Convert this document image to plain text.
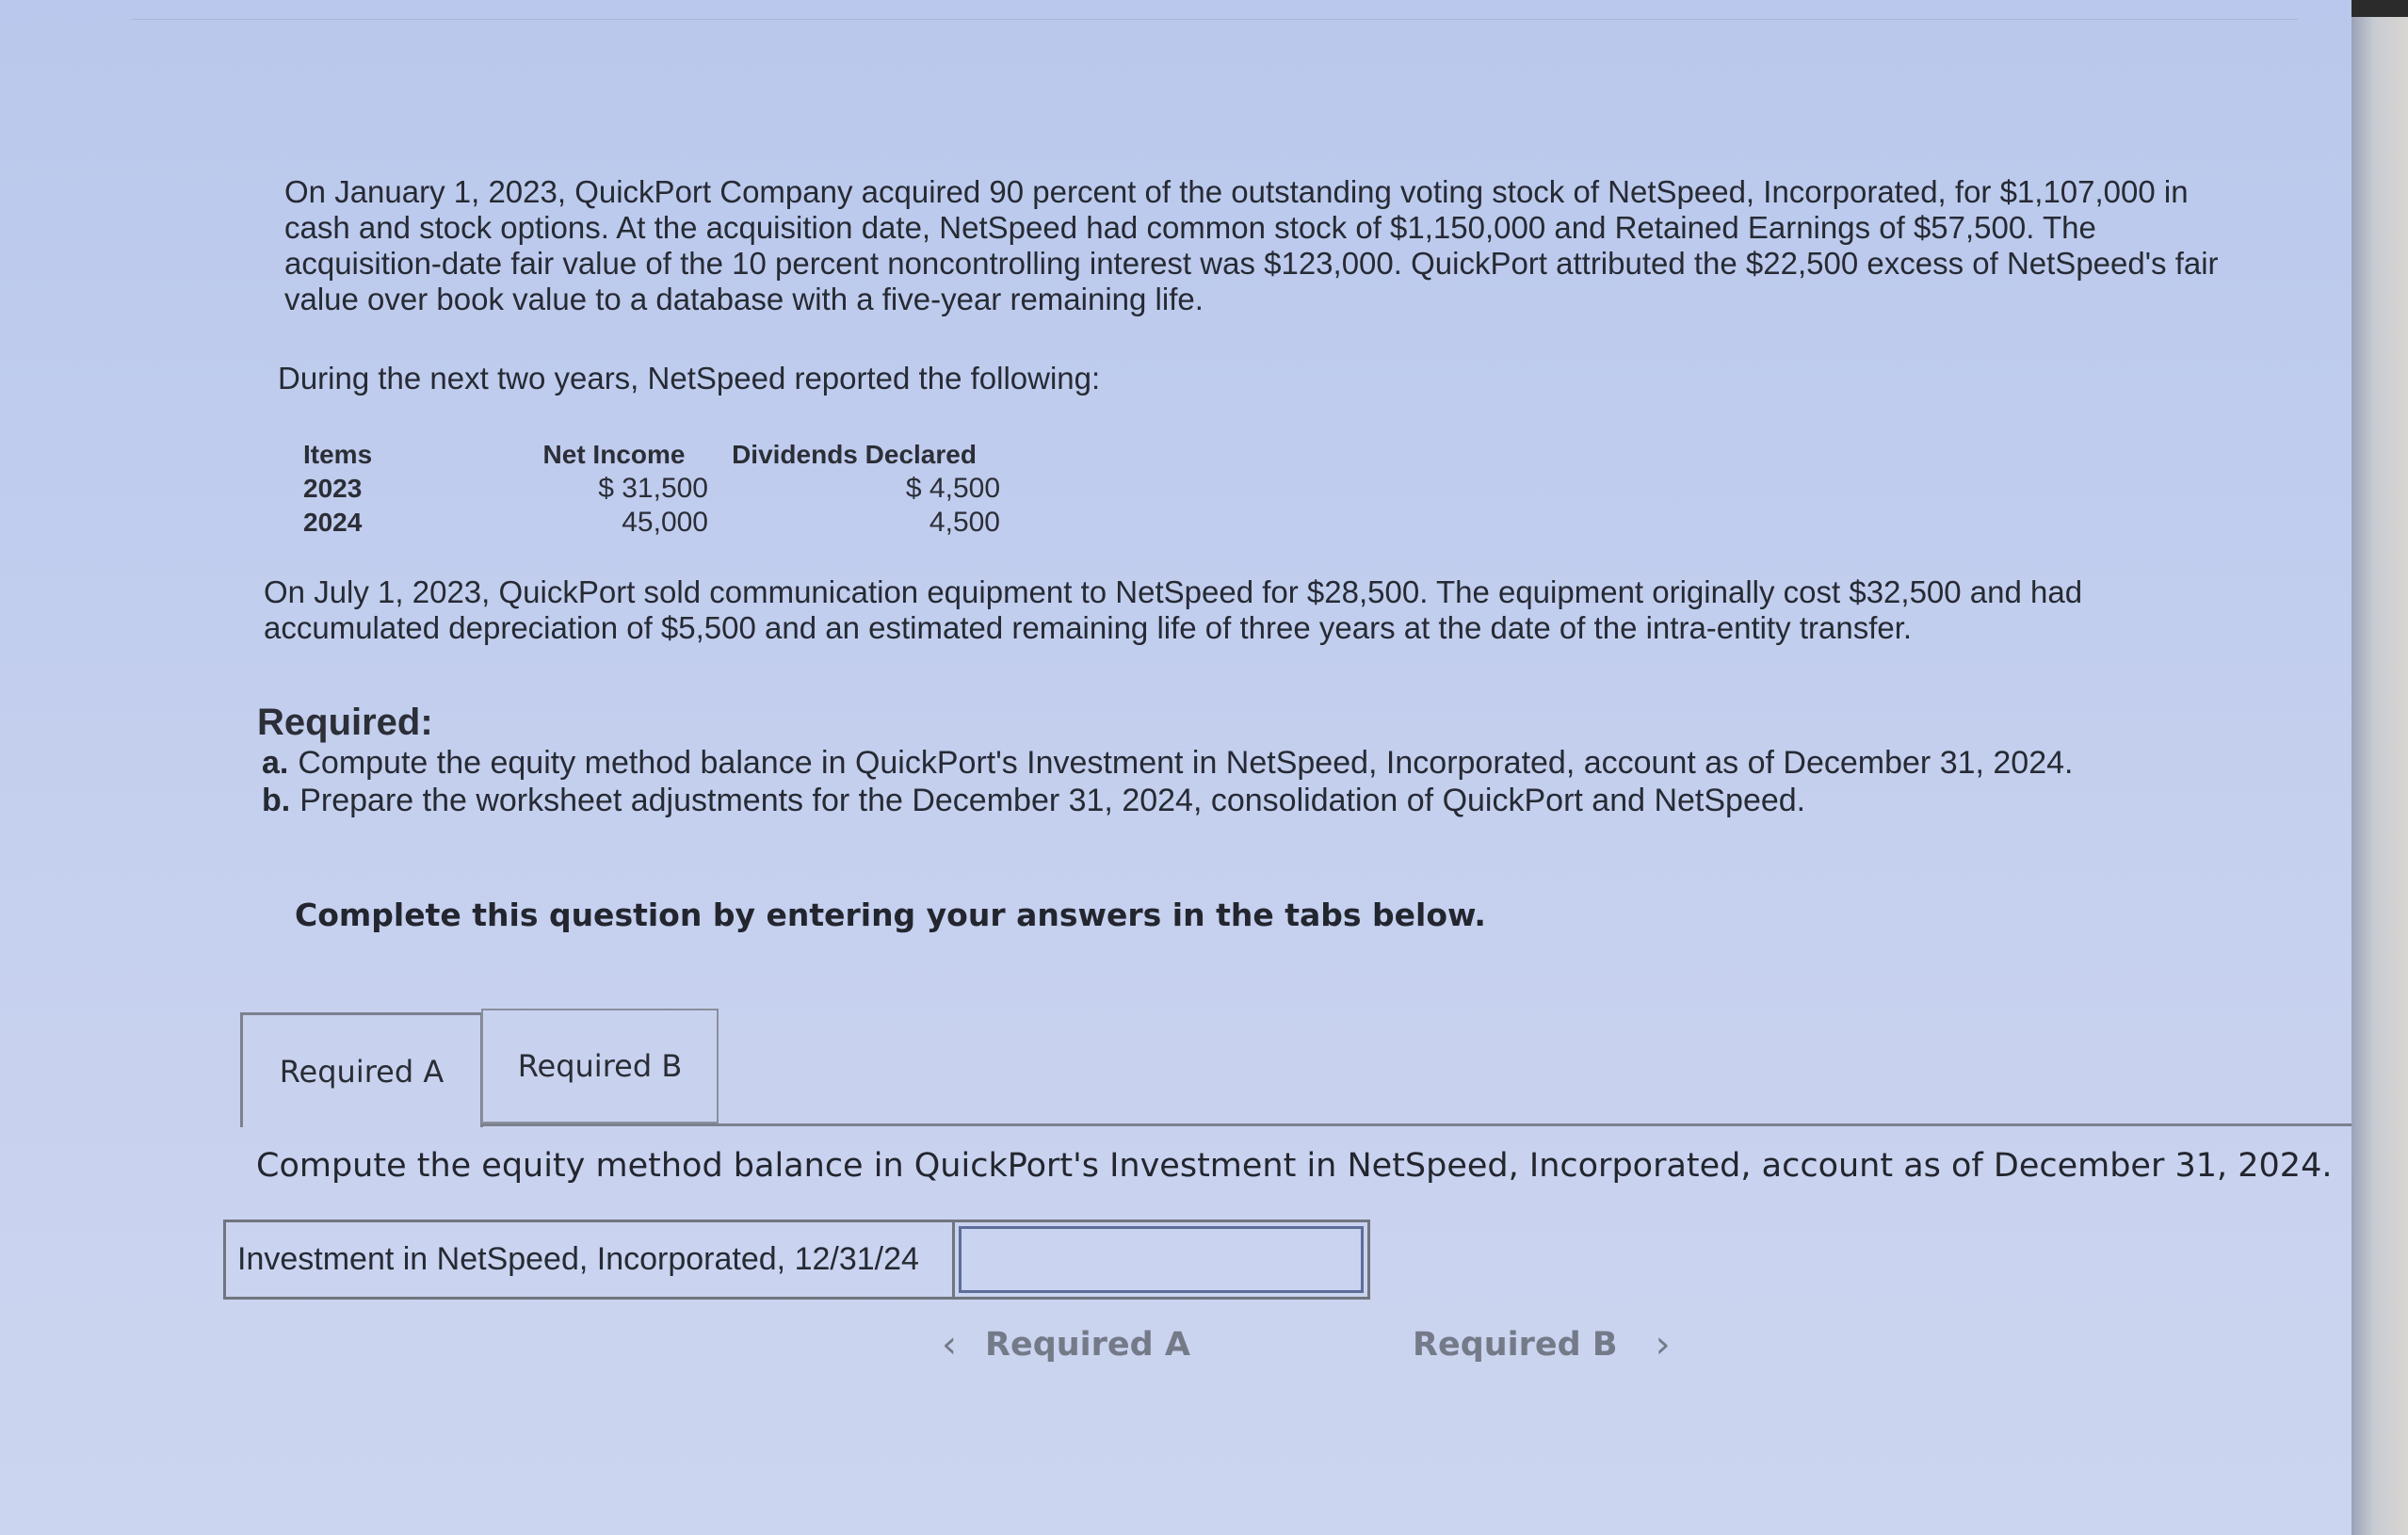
On January 1, 2023, QuickPort Company acquired 90 percent of the outstanding voting stock of NetSpeed, Incorporated, for $1,107,000 in cash and stock options. At the acquisition date, NetSpeed had common stock of $1,150,000 and Retained Earnings of $57,500. The acquisition-date fair value of the 10 percent noncontrolling interest was $123,000. QuickPort attributed the $22,500 excess of NetSpeed's fair value over book value to a database with a five-year remaining life.
During the next two years, NetSpeed reported the following:
Items	Net Income	Dividends Declared
2023	$ 31,500	$ 4,500
2024	45,000	4,500
On July 1, 2023, QuickPort sold communication equipment to NetSpeed for $28,500. The equipment originally cost $32,500 and had accumulated depreciation of $5,500 and an estimated remaining life of three years at the date of the intra-entity transfer.
Required:
a. Compute the equity method balance in QuickPort's Investment in NetSpeed, Incorporated, account as of December 31, 2024.
b. Prepare the worksheet adjustments for the December 31, 2024, consolidation of QuickPort and NetSpeed.
Complete this question by entering your answers in the tabs below.
Required A	Required B
Compute the equity method balance in QuickPort's Investment in NetSpeed, Incorporated, account as of December 31, 2024.
Investment in NetSpeed, Incorporated, 12/31/24
‹ Required A	Required B ›
